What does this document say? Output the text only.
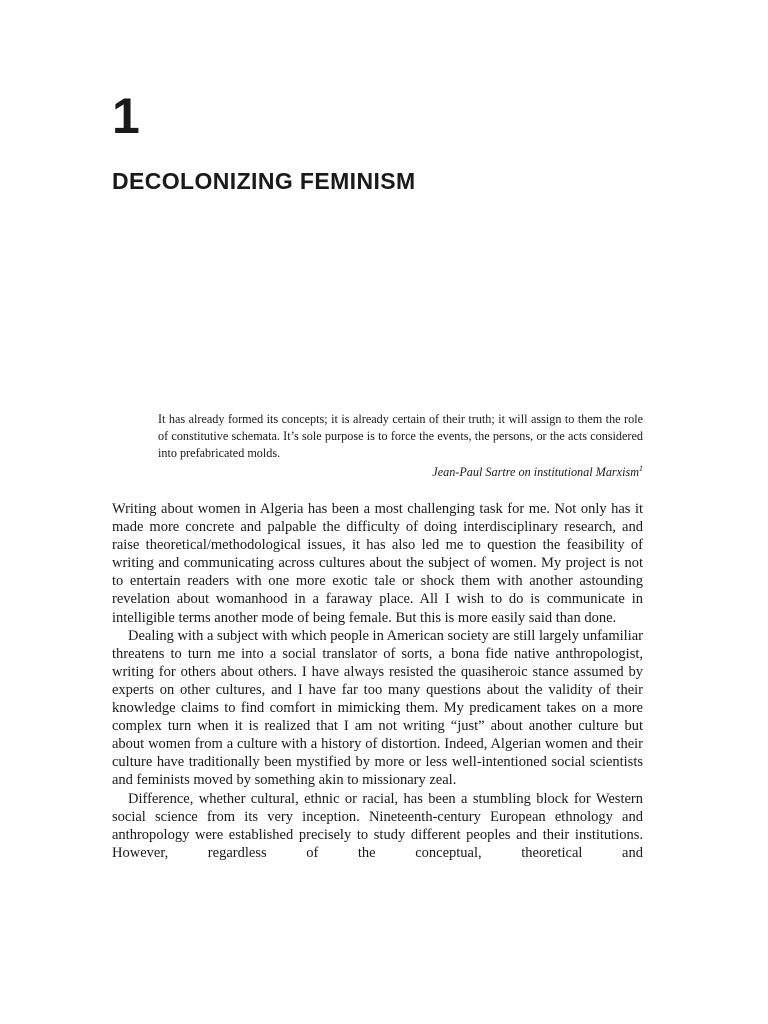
1
DECOLONIZING FEMINISM

It has already formed its concepts; it is already certain of their truth; it will assign to them the role of constitutive schemata. It’s sole purpose is to force the events, the persons, or the acts considered into prefabricated molds.

Jean-Paul Sartre on institutional Marxism$^1$

Writing about women in Algeria has been a most challenging task for me. Not only has it made more concrete and palpable the difficulty of doing interdisciplinary research, and raise theoretical/methodological issues, it has also led me to question the feasibility of writing and communicating across cultures about the subject of women. My project is not to entertain readers with one more exotic tale or shock them with another astounding revelation about womanhood in a faraway place. All I wish to do is communicate in intelligible terms another mode of being female. But this is more easily said than done.

Dealing with a subject with which people in American society are still largely unfamiliar threatens to turn me into a social translator of sorts, a bona fide native anthropologist, writing for others about others. I have always resisted the quasiheroic stance assumed by experts on other cultures, and I have far too many questions about the validity of their knowledge claims to find comfort in mimicking them. My predicament takes on a more complex turn when it is realized that I am not writing “just” about another culture but about women from a culture with a history of distortion. Indeed, Algerian women and their culture have traditionally been mystified by more or less well-intentioned social scientists and feminists moved by something akin to missionary zeal.

Difference, whether cultural, ethnic or racial, has been a stumbling block for Western social science from its very inception. Nineteenth-century European ethnology and anthropology were established precisely to study different peoples and their institutions. However, regardless of the conceptual, theoretical and
